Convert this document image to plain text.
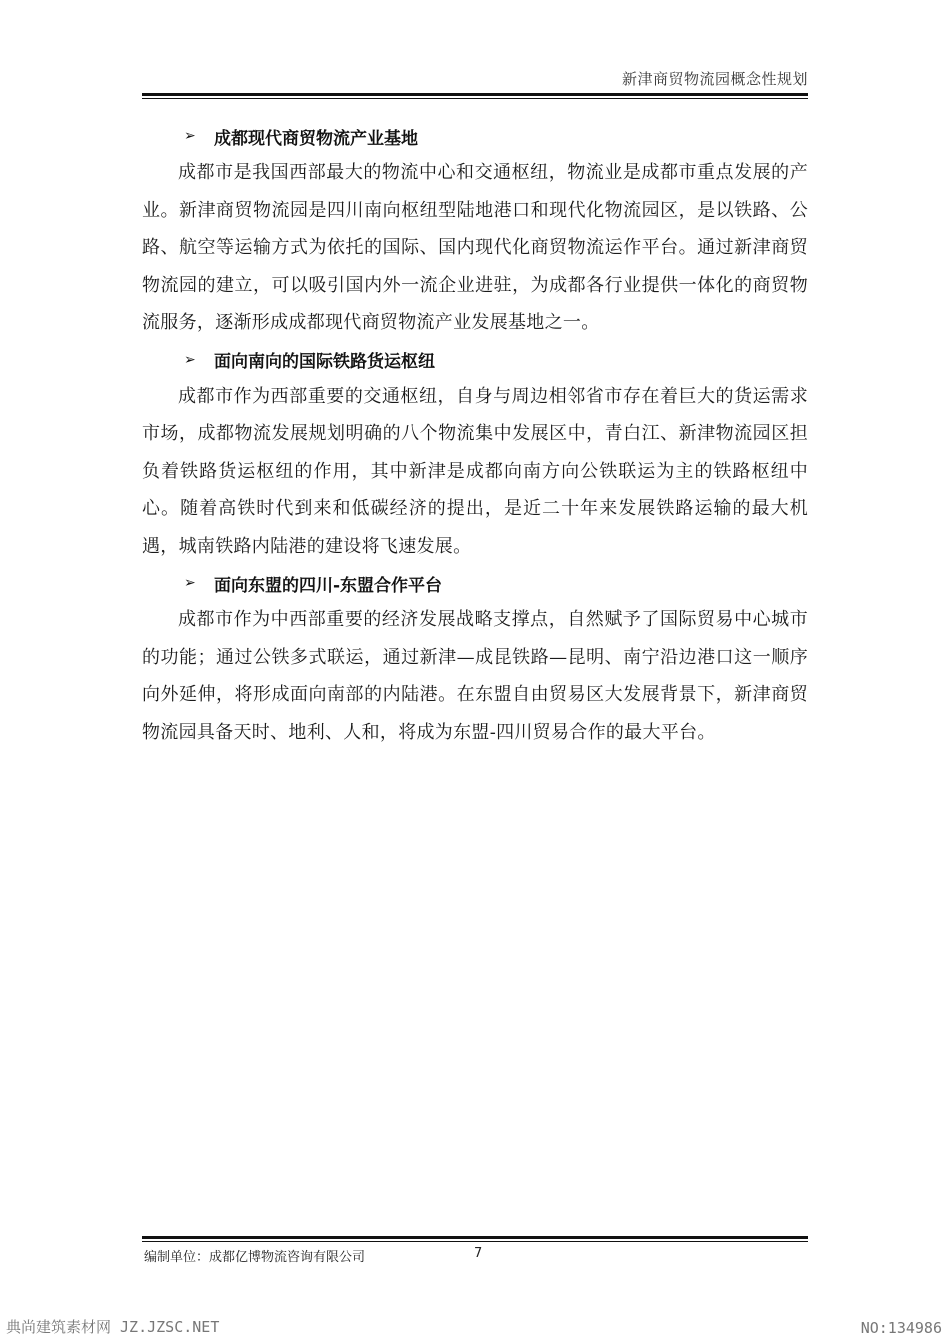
新津商贸物流园概念性规划
➢	成都现代商贸物流产业基地

成都市是我国西部最大的物流中心和交通枢纽，物流业是成都市重点发展的产业。新津商贸物流园是四川南向枢纽型陆地港口和现代化物流园区，是以铁路、公路、航空等运输方式为依托的国际、国内现代化商贸物流运作平台。通过新津商贸物流园的建立，可以吸引国内外一流企业进驻，为成都各行业提供一体化的商贸物流服务，逐渐形成成都现代商贸物流产业发展基地之一。

➢	面向南向的国际铁路货运枢纽

成都市作为西部重要的交通枢纽，自身与周边相邻省市存在着巨大的货运需求市场，成都物流发展规划明确的八个物流集中发展区中，青白江、新津物流园区担负着铁路货运枢纽的作用，其中新津是成都向南方向公铁联运为主的铁路枢纽中心。随着高铁时代到来和低碳经济的提出，是近二十年来发展铁路运输的最大机遇，城南铁路内陆港的建设将飞速发展。

➢	面向东盟的四川-东盟合作平台

成都市作为中西部重要的经济发展战略支撑点，自然赋予了国际贸易中心城市的功能；通过公铁多式联运，通过新津—成昆铁路—昆明、南宁沿边港口这一顺序向外延伸，将形成面向南部的内陆港。在东盟自由贸易区大发展背景下，新津商贸物流园具备天时、地利、人和，将成为东盟-四川贸易合作的最大平台。

编制单位：成都亿博物流咨询有限公司	7
典尚建筑素材网 JZ.JZSC.NET	NO:134986
